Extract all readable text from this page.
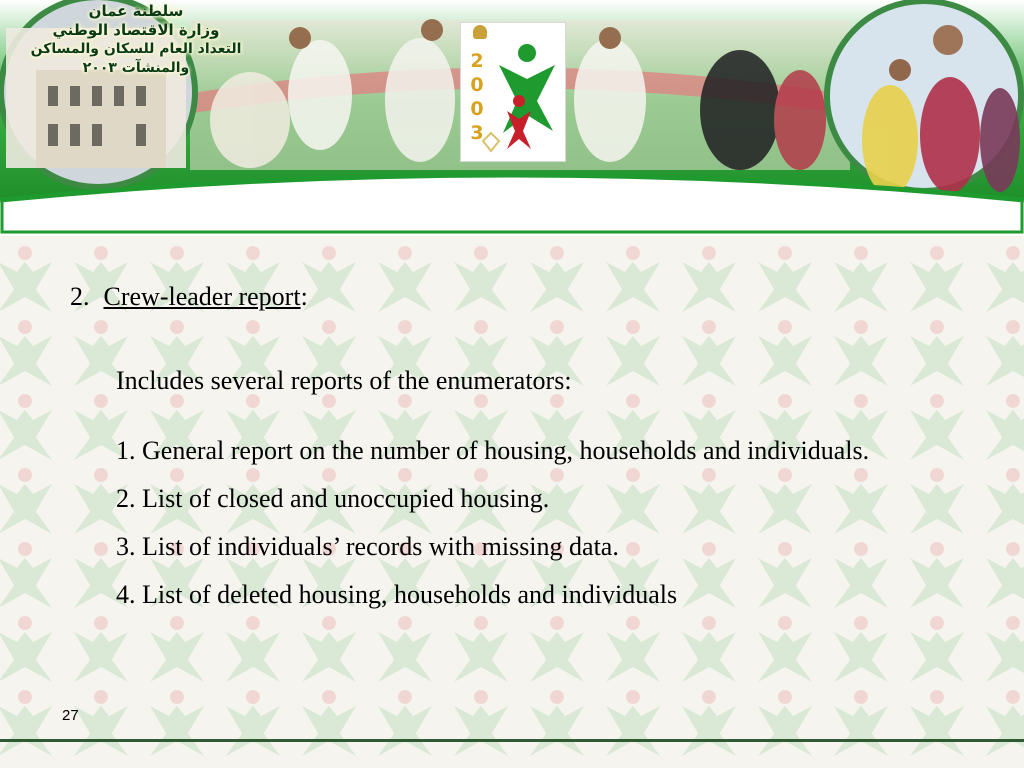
سلطنة عمان
وزارة الاقتصاد الوطني
التعداد العام للسكان والمساكن والمنشآت ٢٠٠٣	2003
2. Crew-leader report:
Includes several reports of the enumerators:
1. General report on the number of housing, households and individuals.
2. List of closed and unoccupied housing.
3. List of individuals’ records with missing data.
4. List of deleted housing, households and individuals
27
